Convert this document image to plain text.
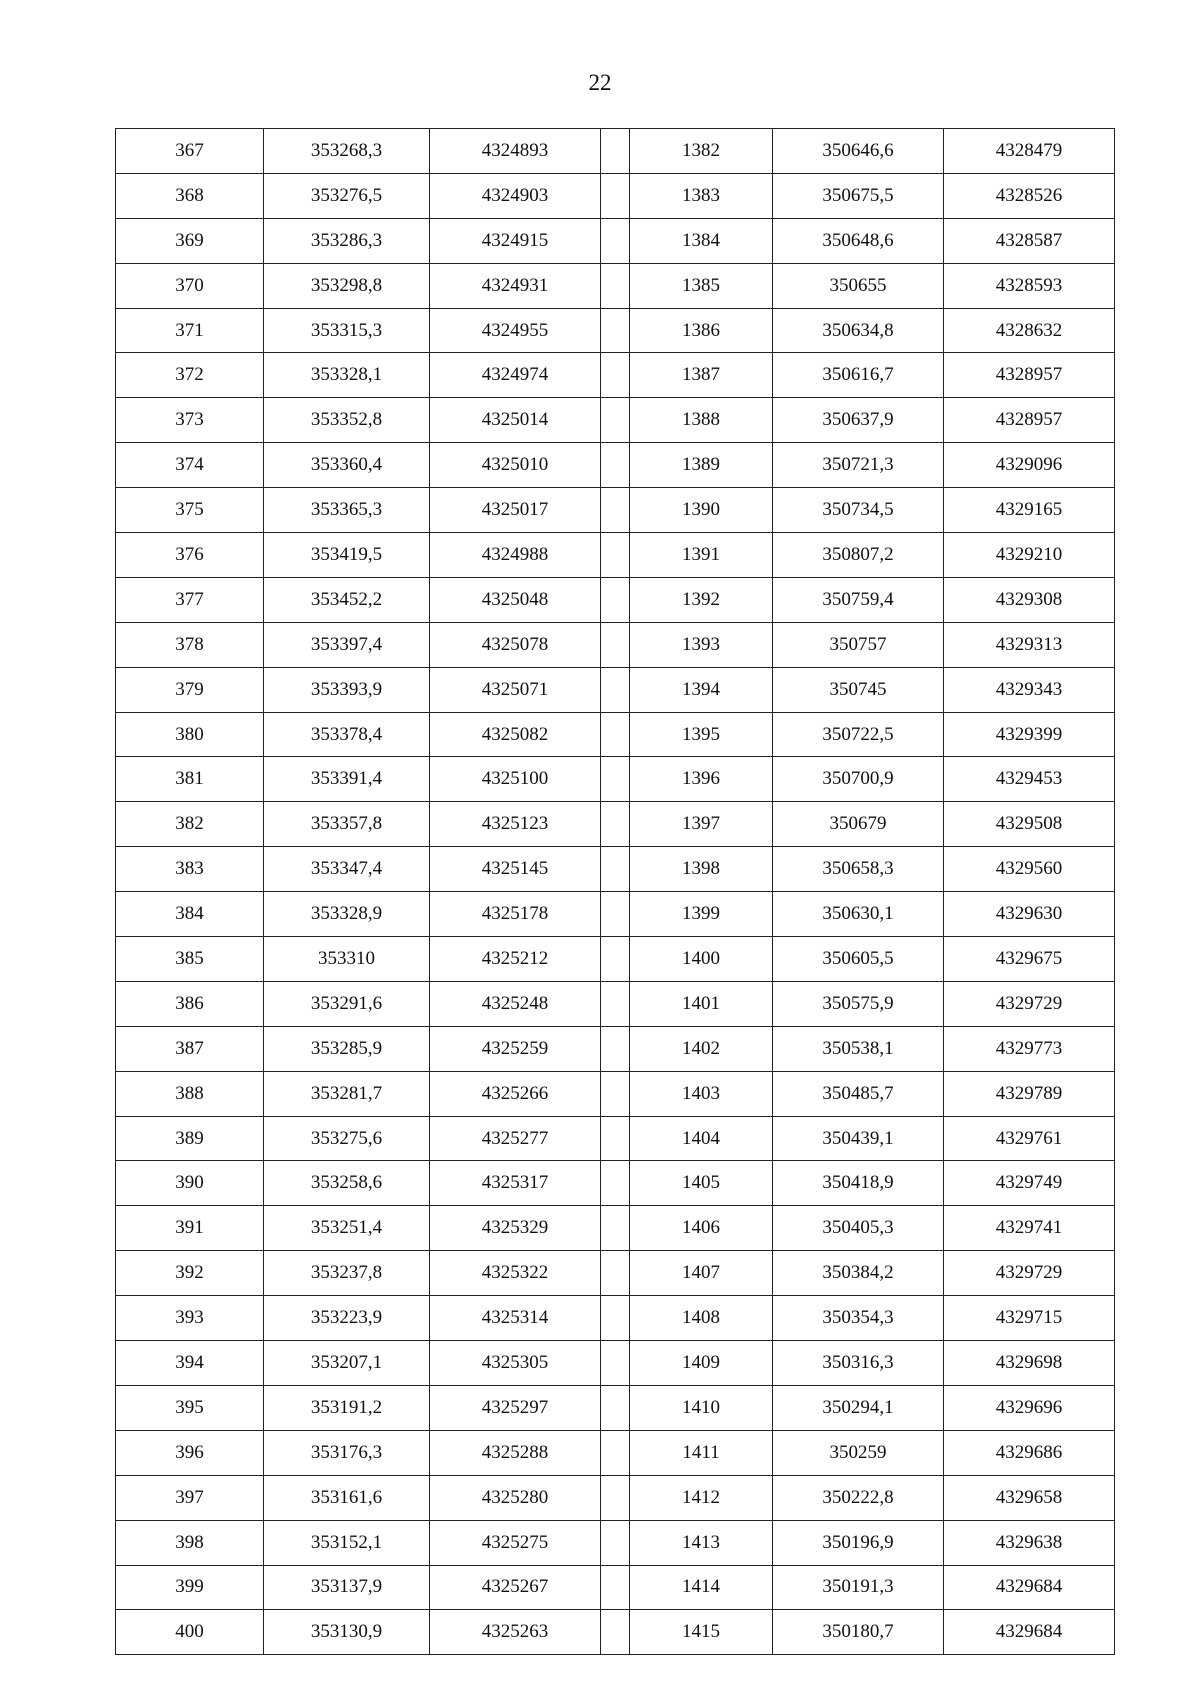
22
367	353268,3	4324893		1382	350646,6	4328479
368	353276,5	4324903		1383	350675,5	4328526
369	353286,3	4324915		1384	350648,6	4328587
370	353298,8	4324931		1385	350655	4328593
371	353315,3	4324955		1386	350634,8	4328632
372	353328,1	4324974		1387	350616,7	4328957
373	353352,8	4325014		1388	350637,9	4328957
374	353360,4	4325010		1389	350721,3	4329096
375	353365,3	4325017		1390	350734,5	4329165
376	353419,5	4324988		1391	350807,2	4329210
377	353452,2	4325048		1392	350759,4	4329308
378	353397,4	4325078		1393	350757	4329313
379	353393,9	4325071		1394	350745	4329343
380	353378,4	4325082		1395	350722,5	4329399
381	353391,4	4325100		1396	350700,9	4329453
382	353357,8	4325123		1397	350679	4329508
383	353347,4	4325145		1398	350658,3	4329560
384	353328,9	4325178		1399	350630,1	4329630
385	353310	4325212		1400	350605,5	4329675
386	353291,6	4325248		1401	350575,9	4329729
387	353285,9	4325259		1402	350538,1	4329773
388	353281,7	4325266		1403	350485,7	4329789
389	353275,6	4325277		1404	350439,1	4329761
390	353258,6	4325317		1405	350418,9	4329749
391	353251,4	4325329		1406	350405,3	4329741
392	353237,8	4325322		1407	350384,2	4329729
393	353223,9	4325314		1408	350354,3	4329715
394	353207,1	4325305		1409	350316,3	4329698
395	353191,2	4325297		1410	350294,1	4329696
396	353176,3	4325288		1411	350259	4329686
397	353161,6	4325280		1412	350222,8	4329658
398	353152,1	4325275		1413	350196,9	4329638
399	353137,9	4325267		1414	350191,3	4329684
400	353130,9	4325263		1415	350180,7	4329684
